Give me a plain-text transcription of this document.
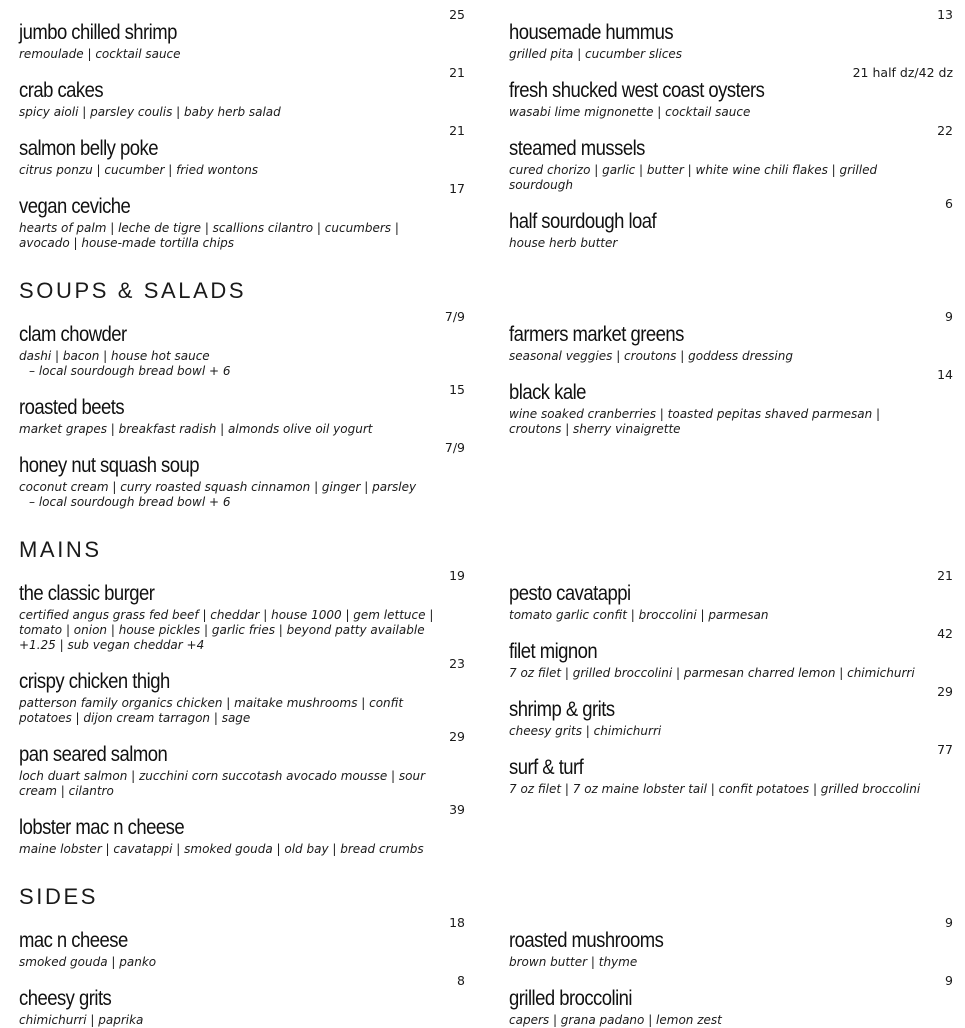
SOUPS & SALADS
MAINS
SIDES
jumbo chilled shrimp
remoulade | cocktail sauce
25
crab cakes
spicy aioli | parsley coulis | baby herb salad
21
salmon belly poke
citrus ponzu | cucumber | fried wontons
21
vegan ceviche
hearts of palm | leche de tigre | scallions cilantro | cucumbers | avocado | house-made tortilla chips
17
clam chowder
dashi | bacon | house hot sauce
– local sourdough bread bowl + 6
7/9
roasted beets
market grapes | breakfast radish | almonds olive oil yogurt
15
honey nut squash soup
coconut cream | curry roasted squash cinnamon | ginger | parsley
– local sourdough bread bowl + 6
7/9
the classic burger
certified angus grass fed beef | cheddar | house 1000 | gem lettuce | tomato | onion | house pickles | garlic fries | beyond patty available +1.25 | sub vegan cheddar +4
19
crispy chicken thigh
patterson family organics chicken | maitake mushrooms | confit potatoes | dijon cream tarragon | sage
23
pan seared salmon
loch duart salmon | zucchini corn succotash avocado mousse | sour cream | cilantro
29
lobster mac n cheese
maine lobster | cavatappi | smoked gouda | old bay | bread crumbs
39
mac n cheese
smoked gouda | panko
18
cheesy grits
chimichurri | paprika
8
housemade hummus
grilled pita | cucumber slices
13
fresh shucked west coast oysters
wasabi lime mignonette | cocktail sauce
21 half dz/42 dz
steamed mussels
cured chorizo | garlic | butter | white wine chili flakes | grilled sourdough
22
half sourdough loaf
house herb butter
6
farmers market greens
seasonal veggies | croutons | goddess dressing
9
black kale
wine soaked cranberries | toasted pepitas shaved parmesan | croutons | sherry vinaigrette
14
pesto cavatappi
tomato garlic confit | broccolini | parmesan
21
filet mignon
7 oz filet | grilled broccolini | parmesan charred lemon | chimichurri
42
shrimp & grits
cheesy grits | chimichurri
29
surf & turf
7 oz filet | 7 oz maine lobster tail | confit potatoes | grilled broccolini
77
roasted mushrooms
brown butter | thyme
9
grilled broccolini
capers | grana padano | lemon zest
9
